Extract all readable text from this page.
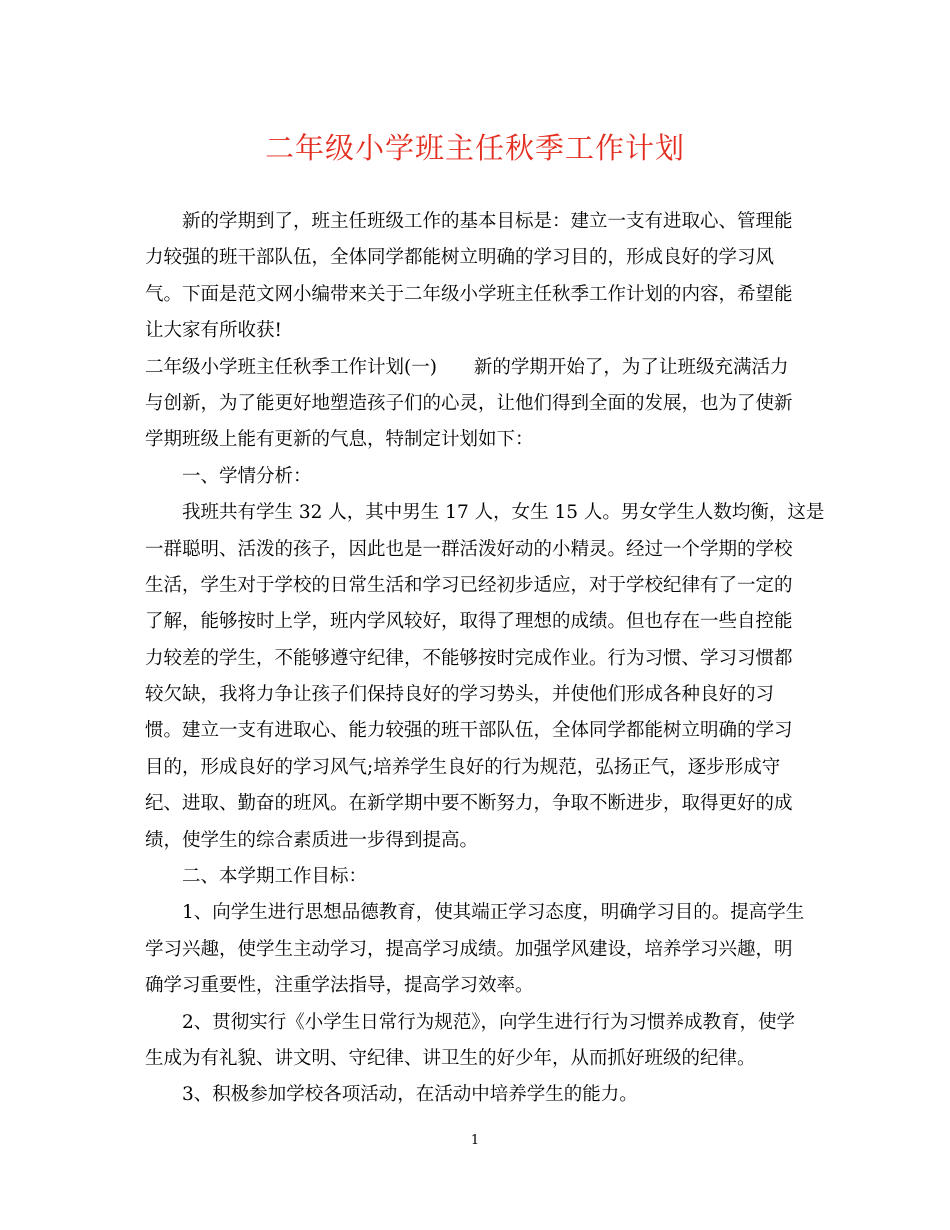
二年级小学班主任秋季工作计划
新的学期到了，班主任班级工作的基本目标是：建立一支有进取心、管理能
力较强的班干部队伍，全体同学都能树立明确的学习目的，形成良好的学习风
气。下面是范文网小编带来关于二年级小学班主任秋季工作计划的内容，希望能
让大家有所收获!
二年级小学班主任秋季工作计划(一)　　新的学期开始了，为了让班级充满活力
与创新，为了能更好地塑造孩子们的心灵，让他们得到全面的发展，也为了使新
学期班级上能有更新的气息，特制定计划如下：
一、学情分析：
我班共有学生 32 人，其中男生 17 人，女生 15 人。男女学生人数均衡，这是
一群聪明、活泼的孩子，因此也是一群活泼好动的小精灵。经过一个学期的学校
生活，学生对于学校的日常生活和学习已经初步适应，对于学校纪律有了一定的
了解，能够按时上学，班内学风较好，取得了理想的成绩。但也存在一些自控能
力较差的学生，不能够遵守纪律，不能够按时完成作业。行为习惯、学习习惯都
较欠缺，我将力争让孩子们保持良好的学习势头，并使他们形成各种良好的习
惯。建立一支有进取心、能力较强的班干部队伍，全体同学都能树立明确的学习
目的，形成良好的学习风气;培养学生良好的行为规范，弘扬正气，逐步形成守
纪、进取、勤奋的班风。在新学期中要不断努力，争取不断进步，取得更好的成
绩，使学生的综合素质进一步得到提高。
二、本学期工作目标：
1、向学生进行思想品德教育，使其端正学习态度，明确学习目的。提高学生
学习兴趣，使学生主动学习，提高学习成绩。加强学风建设，培养学习兴趣，明
确学习重要性，注重学法指导，提高学习效率。
2、贯彻实行《小学生日常行为规范》，向学生进行行为习惯养成教育，使学
生成为有礼貌、讲文明、守纪律、讲卫生的好少年，从而抓好班级的纪律。
3、积极参加学校各项活动，在活动中培养学生的能力。
1
